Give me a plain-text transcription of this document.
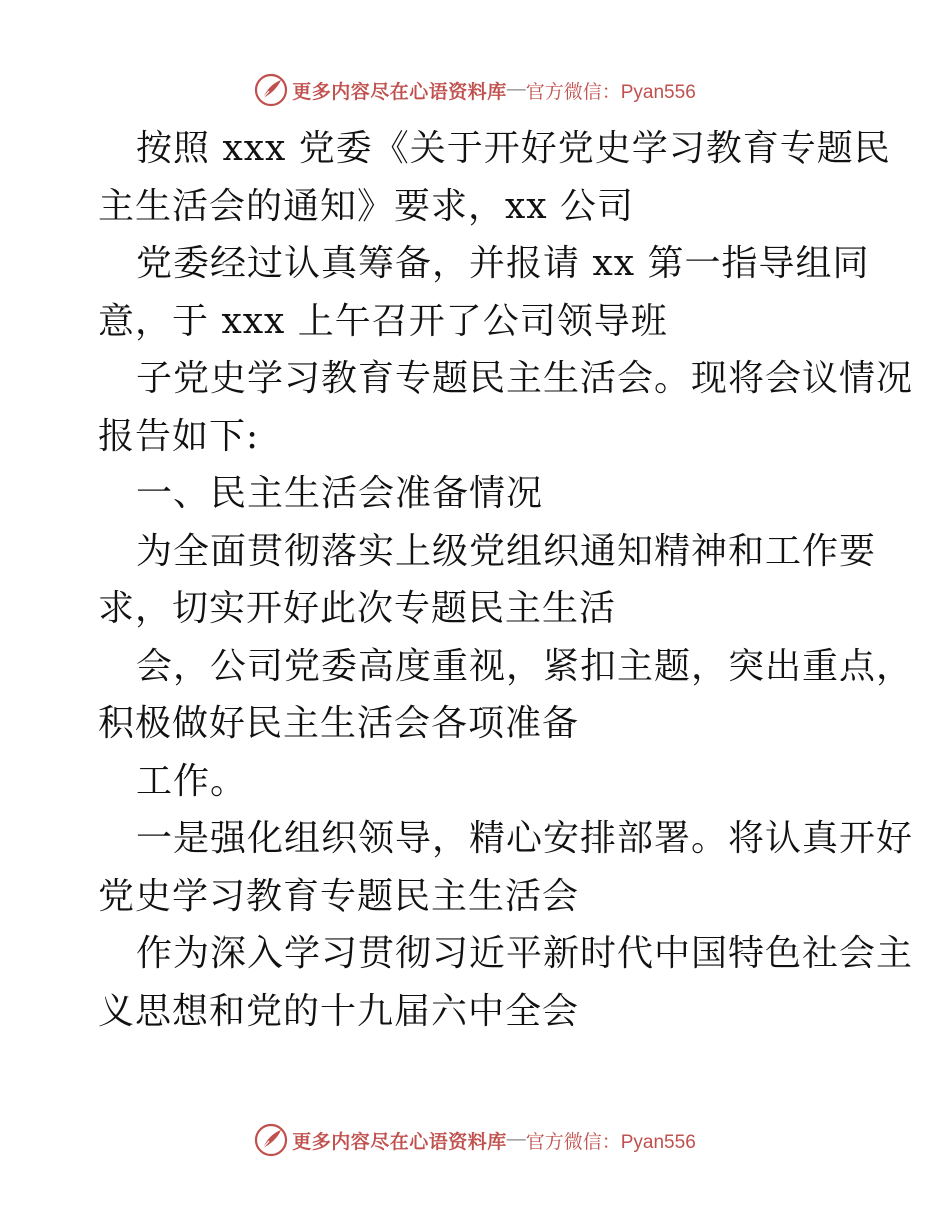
更多内容尽在心语资料库 — 官方微信：Pyan556
按照 xxx 党委《关于开好党史学习教育专题民
主生活会的通知》要求，xx 公司
党委经过认真筹备，并报请 xx 第一指导组同
意，于 xxx 上午召开了公司领导班
子党史学习教育专题民主生活会。现将会议情况
报告如下:
一、民主生活会准备情况
为全面贯彻落实上级党组织通知精神和工作要
求，切实开好此次专题民主生活
会，公司党委高度重视，紧扣主题，突出重点，
积极做好民主生活会各项准备
工作。
一是强化组织领导，精心安排部署。将认真开好
党史学习教育专题民主生活会
作为深入学习贯彻习近平新时代中国特色社会主
义思想和党的十九届六中全会
更多内容尽在心语资料库 — 官方微信：Pyan556
